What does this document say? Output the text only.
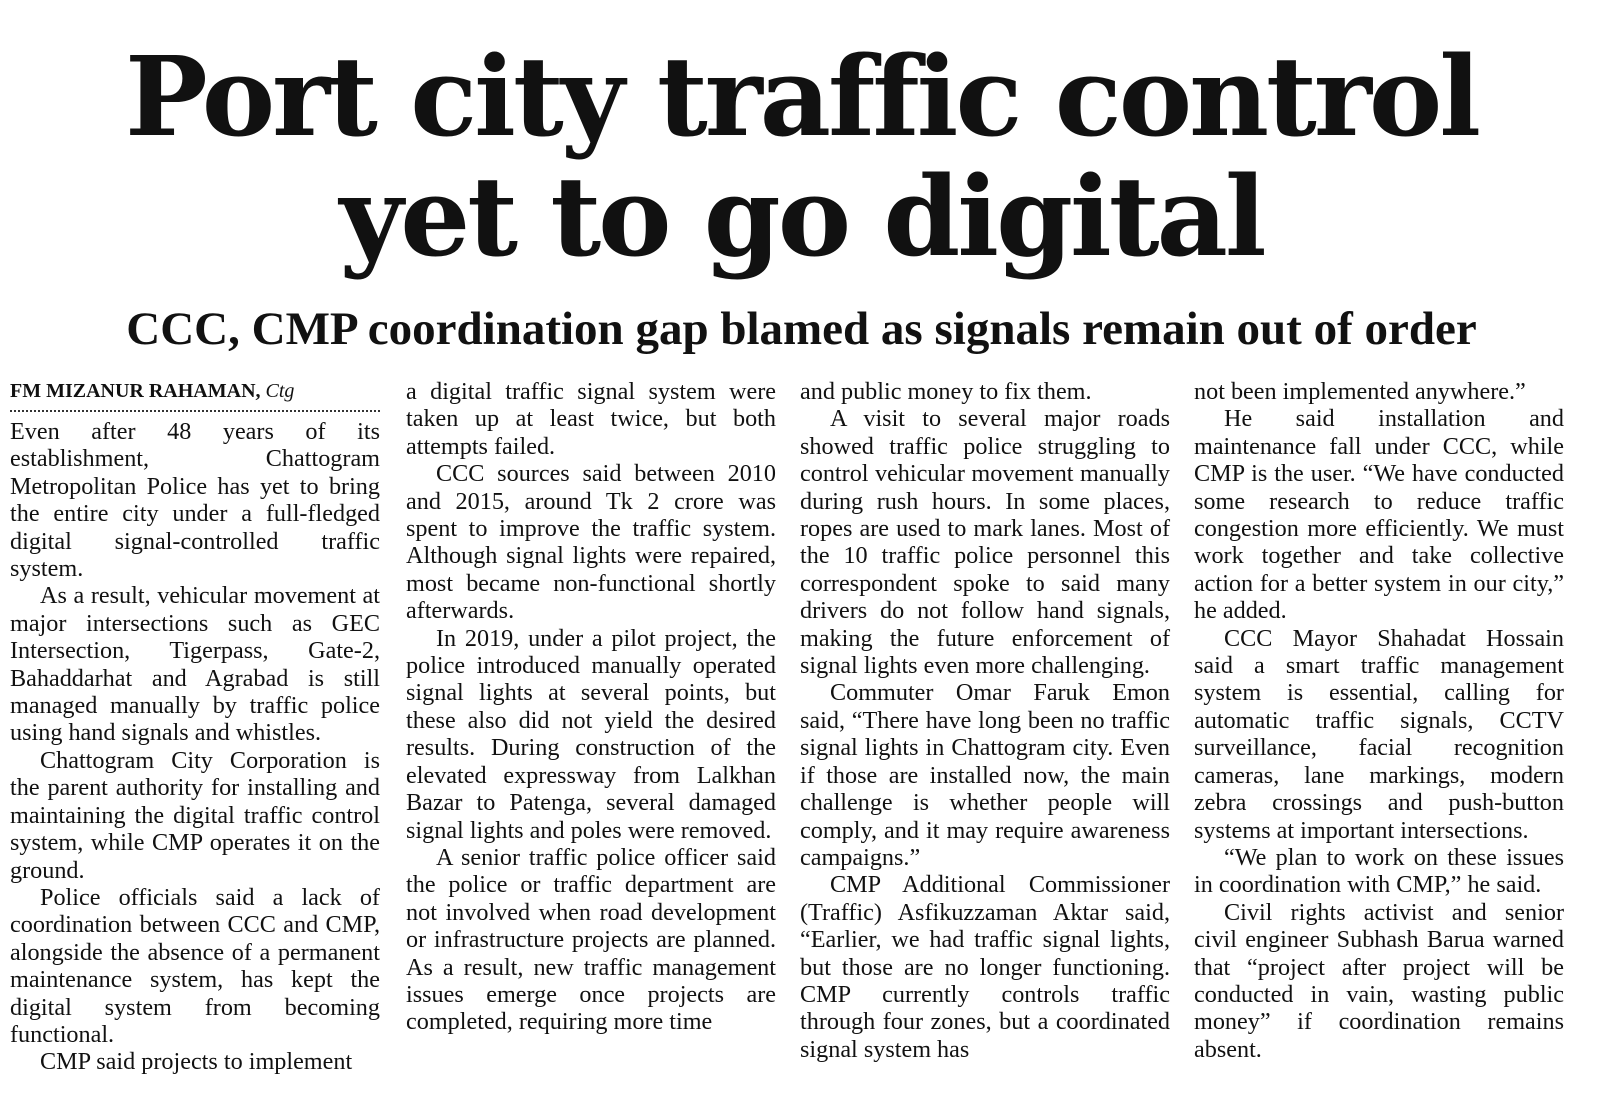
Port city traffic control
yet to go digital
CCC, CMP coordination gap blamed as signals remain out of order
FM MIZANUR RAHAMAN, Ctg

Even after 48 years of its establishment, Chattogram Metropolitan Police has yet to bring the entire city under a full-fledged digital signal-controlled traffic system.

As a result, vehicular movement at major intersections such as GEC Intersection, Tigerpass, Gate-2, Bahaddarhat and Agrabad is still managed manually by traffic police using hand signals and whistles.

Chattogram City Corporation is the parent authority for installing and maintaining the digital traffic control system, while CMP operates it on the ground.

Police officials said a lack of coordination between CCC and CMP, alongside the absence of a permanent maintenance system, has kept the digital system from becoming functional.

CMP said projects to implement

a digital traffic signal system were taken up at least twice, but both attempts failed.

CCC sources said between 2010 and 2015, around Tk 2 crore was spent to improve the traffic system. Although signal lights were repaired, most became non-functional shortly afterwards.

In 2019, under a pilot project, the police introduced manually operated signal lights at several points, but these also did not yield the desired results. During construction of the elevated expressway from Lalkhan Bazar to Patenga, several damaged signal lights and poles were removed.

A senior traffic police officer said the police or traffic department are not involved when road development or infrastructure projects are planned. As a result, new traffic management issues emerge once projects are completed, requiring more time

and public money to fix them.

A visit to several major roads showed traffic police struggling to control vehicular movement manually during rush hours. In some places, ropes are used to mark lanes. Most of the 10 traffic police personnel this correspondent spoke to said many drivers do not follow hand signals, making the future enforcement of signal lights even more challenging.

Commuter Omar Faruk Emon said, “There have long been no traffic signal lights in Chattogram city. Even if those are installed now, the main challenge is whether people will comply, and it may require awareness campaigns.”

CMP Additional Commissioner (Traffic) Asfikuzzaman Aktar said, “Earlier, we had traffic signal lights, but those are no longer functioning. CMP currently controls traffic through four zones, but a coordinated signal system has

not been implemented anywhere.”

He said installation and maintenance fall under CCC, while CMP is the user. “We have conducted some research to reduce traffic congestion more efficiently. We must work together and take collective action for a better system in our city,” he added.

CCC Mayor Shahadat Hossain said a smart traffic management system is essential, calling for automatic traffic signals, CCTV surveillance, facial recognition cameras, lane markings, modern zebra crossings and push-button systems at important intersections.

“We plan to work on these issues in coordination with CMP,” he said.

Civil rights activist and senior civil engineer Subhash Barua warned that “project after project will be conducted in vain, wasting public money” if coordination remains absent.
